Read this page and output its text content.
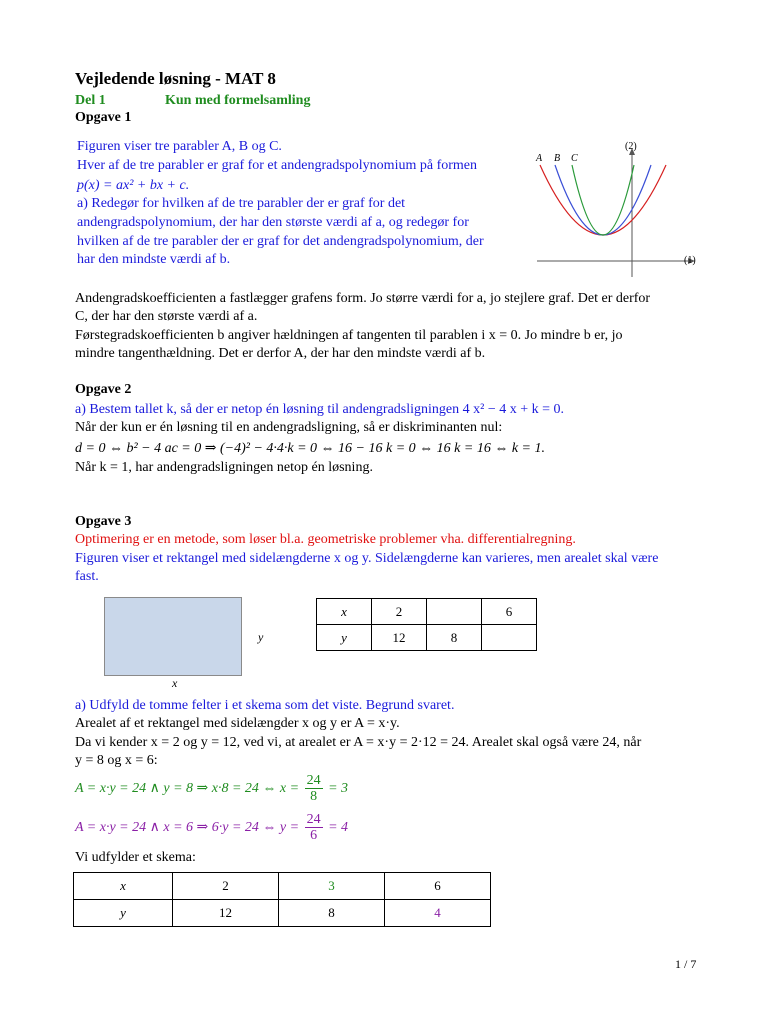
Vejledende løsning - MAT 8
Del 1	Kun med formelsamling
Opgave 1
Figuren viser tre parabler A, B og C.
Hver af de tre parabler er graf for et andengradspolynomium på formen
p(x) = ax² + bx + c.
a) Redegør for hvilken af de tre parabler der er graf for det
andengradspolynomium, der har den største værdi af a, og redegør for
hvilken af de tre parabler der er graf for det andengradspolynomium, der
har den mindste værdi af b.
A B C
(2)
(1)
Andengradskoefficienten a fastlægger grafens form. Jo større værdi for a, jo stejlere graf. Det er derfor
C, der har den største værdi af a.
Førstegradskoefficienten b angiver hældningen af tangenten til parablen i x = 0. Jo mindre b er, jo
mindre tangenthældning. Det er derfor A, der har den mindste værdi af b.
Opgave 2
a) Bestem tallet k, så der er netop én løsning til andengradsligningen 4 x² − 4 x + k = 0.
Når der kun er én løsning til en andengradsligning, så er diskriminanten nul:
d = 0 ⇔ b² − 4 ac = 0 ⇒ (−4)² − 4·4·k = 0 ⇔ 16 − 16 k = 0 ⇔ 16 k = 16 ⇔ k = 1.
Når k = 1, har andengradsligningen netop én løsning.
Opgave 3
Optimering er en metode, som løser bl.a. geometriske problemer vha. differentialregning.
Figuren viser et rektangel med sidelængderne x og y. Sidelængderne kan varieres, men arealet skal være
fast.
y
x
x	2		6
y	12	8	
a) Udfyld de tomme felter i et skema som det viste. Begrund svaret.
Arealet af et rektangel med sidelængder x og y er A = x·y.
Da vi kender x = 2 og y = 12, ved vi, at arealet er A = x·y = 2·12 = 24. Arealet skal også være 24, når
y = 8 og x = 6:
A = x·y = 24 ∧ y = 8 ⇒ x·8 = 24 ⇔ $x = \frac{24}{8} = 3$
A = x·y = 24 ∧ x = 6 ⇒ 6·y = 24 ⇔ $y = \frac{24}{6} = 4$
Vi udfylder et skema:
x	2	3	6
y	12	8	4
1 / 7
